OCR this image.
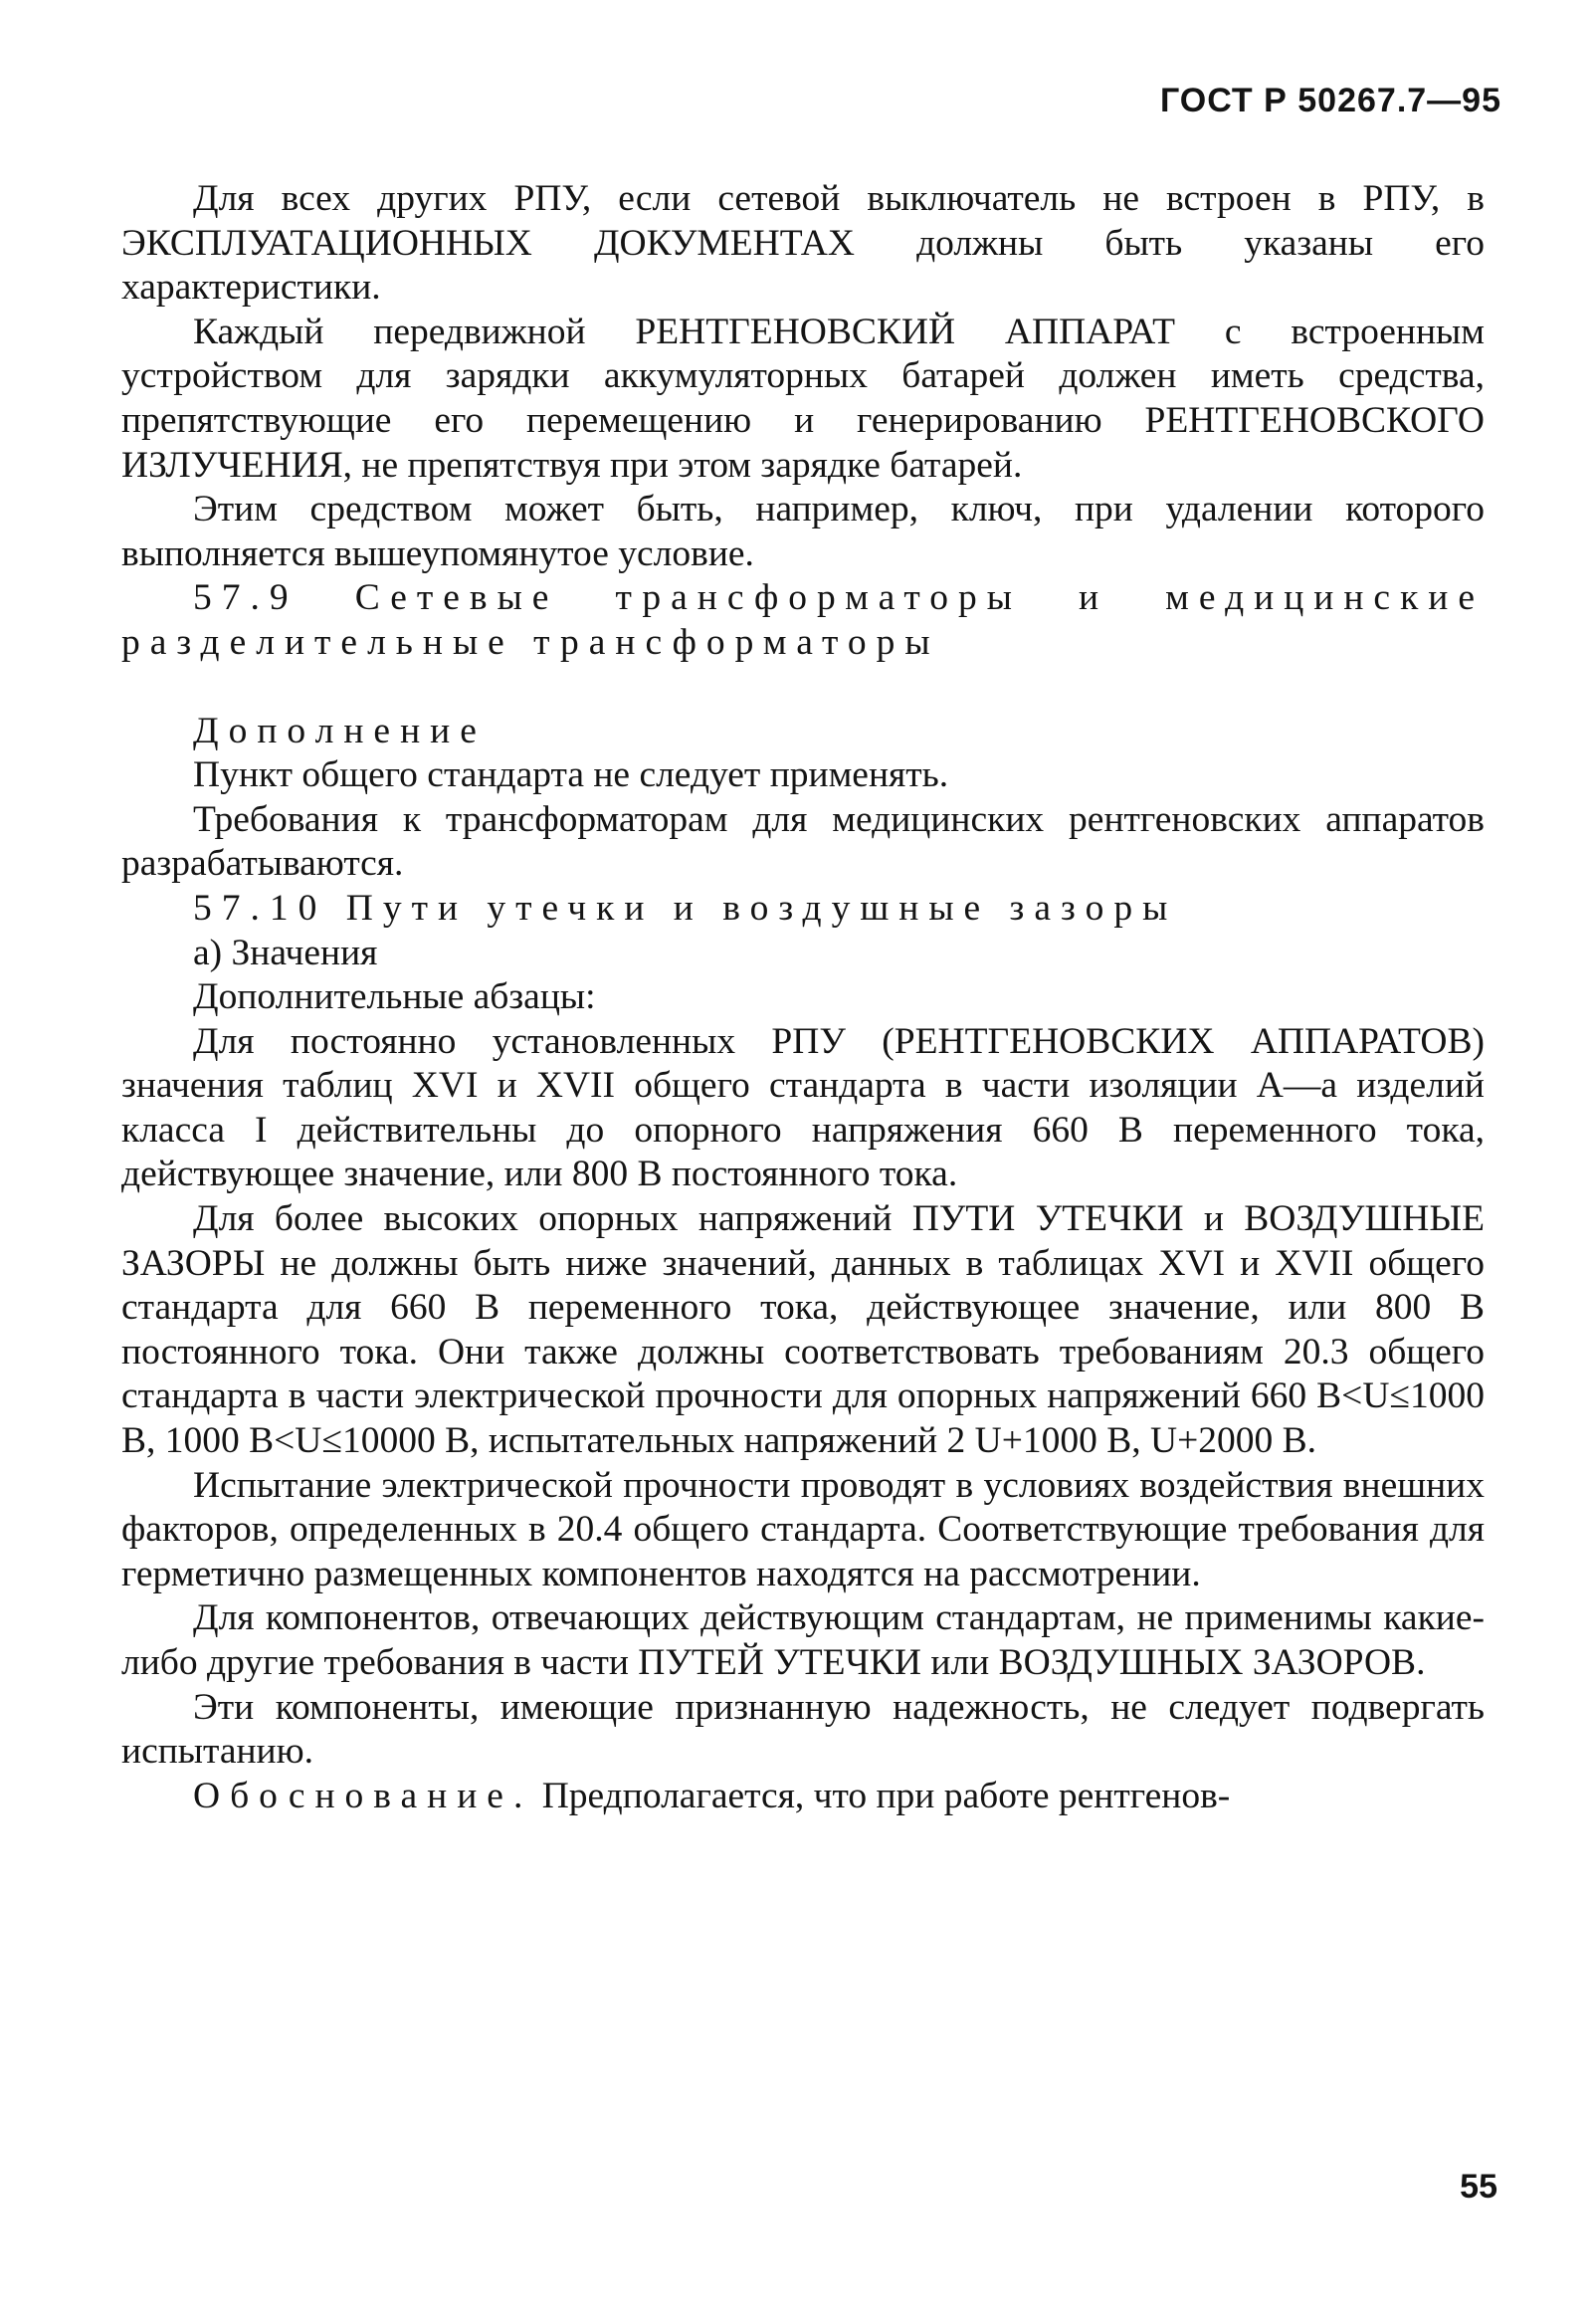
ГОСТ Р 50267.7—95

Для всех других РПУ, если сетевой выключатель не встроен в РПУ, в ЭКСПЛУАТАЦИОННЫХ ДОКУМЕНТАХ должны быть указаны его характеристики.

Каждый передвижной РЕНТГЕНОВСКИЙ АППАРАТ с встроенным устройством для зарядки аккумуляторных батарей должен иметь средства, препятствующие его перемещению и генерированию РЕНТГЕНОВСКОГО ИЗЛУЧЕНИЯ, не препятствуя при этом зарядке батарей.

Этим средством может быть, например, ключ, при удалении которого выполняется вышеупомянутое условие.

57.9 Сетевые трансформаторы и медицинские разделительные трансформаторы

Дополнение

Пункт общего стандарта не следует применять.

Требования к трансформаторам для медицинских рентгеновских аппаратов разрабатываются.

57.10 Пути утечки и воздушные зазоры

а) Значения

Дополнительные абзацы:

Для постоянно установленных РПУ (РЕНТГЕНОВСКИХ АППАРАТОВ) значения таблиц XVI и XVII общего стандарта в части изоляции А—а изделий класса I действительны до опорного напряжения 660 В переменного тока, действующее значение, или 800 В постоянного тока.

Для более высоких опорных напряжений ПУТИ УТЕЧКИ и ВОЗДУШНЫЕ ЗАЗОРЫ не должны быть ниже значений, данных в таблицах XVI и XVII общего стандарта для 660 В переменного тока, действующее значение, или 800 В постоянного тока. Они также должны соответствовать требованиям 20.3 общего стандарта в части электрической прочности для опорных напряжений 660 В<U≤1000 В, 1000 В<U≤10000 В, испытательных напряжений 2 U+1000 В, U+2000 В.

Испытание электрической прочности проводят в условиях воздействия внешних факторов, определенных в 20.4 общего стандарта. Соответствующие требования для герметично размещенных компонентов находятся на рассмотрении.

Для компонентов, отвечающих действующим стандартам, не применимы какие-либо другие требования в части ПУТЕЙ УТЕЧКИ или ВОЗДУШНЫХ ЗАЗОРОВ.

Эти компоненты, имеющие признанную надежность, не следует подвергать испытанию.

Обоснование. Предполагается, что при работе рентгенов-

55
